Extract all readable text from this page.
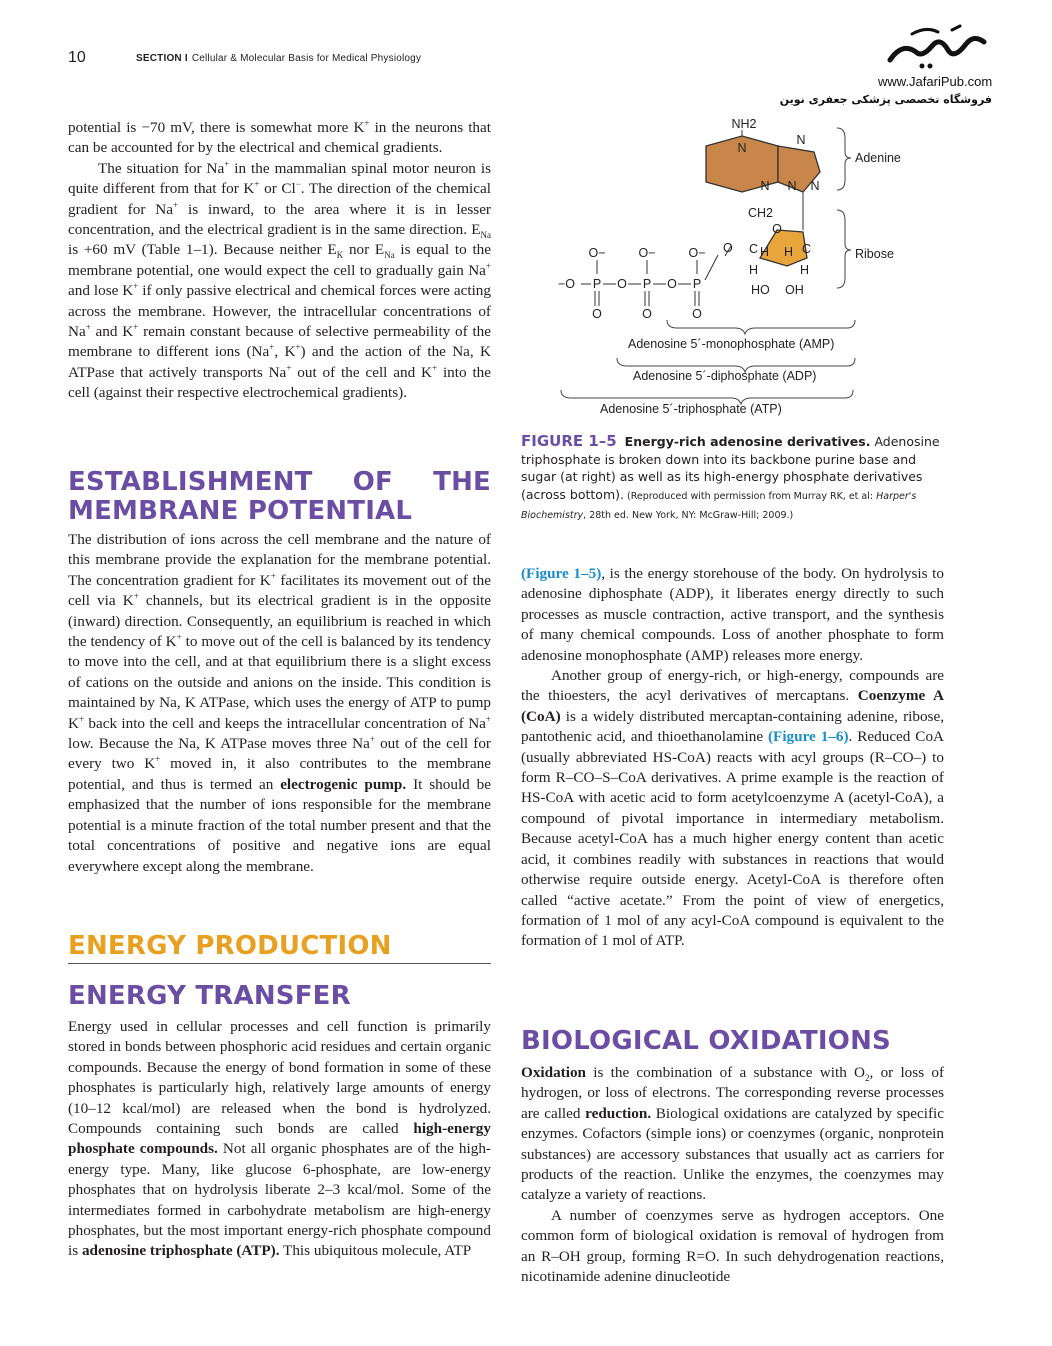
10	SECTION I Cellular & Molecular Basis for Medical Physiology
www.JafariPub.com
فروشگاه تخصصی پزشکی جعفری نوین

potential is −70 mV, there is somewhat more K+ in the neurons that can be accounted for by the electrical and chemical gradients.

The situation for Na+ in the mammalian spinal motor neuron is quite different from that for K+ or Cl−. The direction of the chemical gradient for Na+ is inward, to the area where it is in lesser concentration, and the electrical gradient is in the same direction. $E_{Na}$ is +60 mV (Table 1–1). Because neither $E_K$ nor $E_{Na}$ is equal to the membrane potential, one would expect the cell to gradually gain Na+ and lose K+ if only passive electrical and chemical forces were acting across the membrane. However, the intracellular concentrations of Na+ and K+ remain constant because of selective permeability of the membrane to different ions (Na+, K+) and the action of the Na, K ATPase that actively transports Na+ out of the cell and K+ into the cell (against their respective electrochemical gradients).

ESTABLISHMENT OF THE MEMBRANE POTENTIAL

The distribution of ions across the cell membrane and the nature of this membrane provide the explanation for the membrane potential. The concentration gradient for K+ facilitates its movement out of the cell via K+ channels, but its electrical gradient is in the opposite (inward) direction. Consequently, an equilibrium is reached in which the tendency of K+ to move out of the cell is balanced by its tendency to move into the cell, and at that equilibrium there is a slight excess of cations on the outside and anions on the inside. This condition is maintained by Na, K ATPase, which uses the energy of ATP to pump K+ back into the cell and keeps the intracellular concentration of Na+ low. Because the Na, K ATPase moves three Na+ out of the cell for every two K+ moved in, it also contributes to the membrane potential, and thus is termed an electrogenic pump. It should be emphasized that the number of ions responsible for the membrane potential is a minute fraction of the total number present and that the total concentrations of positive and negative ions are equal everywhere except along the membrane.

ENERGY PRODUCTION
ENERGY TRANSFER

Energy used in cellular processes and cell function is primarily stored in bonds between phosphoric acid residues and certain organic compounds. Because the energy of bond formation in some of these phosphates is particularly high, relatively large amounts of energy (10–12 kcal/mol) are released when the bond is hydrolyzed. Compounds containing such bonds are called high-energy phosphate compounds. Not all organic phosphates are of the high-energy type. Many, like glucose 6-phosphate, are low-energy phosphates that on hydrolysis liberate 2–3 kcal/mol. Some of the intermediates formed in carbohydrate metabolism are high-energy phosphates, but the most important energy-rich phosphate compound is adenosine triphosphate (ATP). This ubiquitous molecule, ATP

NH2
N
N
N
N
N
Adenine
CH2
O
C	C
H H
H	H
HO OH
Ribose
O
−O P	P	P
O	O
O−	O−	O−
O	O	O
Adenosine 5´-monophosphate (AMP)
Adenosine 5´-diphosphate (ADP)
Adenosine 5´-triphosphate (ATP)
FIGURE 1–5 Energy-rich adenosine derivatives. Adenosine triphosphate is broken down into its backbone purine base and sugar (at right) as well as its high-energy phosphate derivatives (across bottom). (Reproduced with permission from Murray RK, et al: Harper's Biochemistry, 28th ed. New York, NY: McGraw-Hill; 2009.)

(Figure 1–5), is the energy storehouse of the body. On hydrolysis to adenosine diphosphate (ADP), it liberates energy directly to such processes as muscle contraction, active transport, and the synthesis of many chemical compounds. Loss of another phosphate to form adenosine monophosphate (AMP) releases more energy.

Another group of energy-rich, or high-energy, compounds are the thioesters, the acyl derivatives of mercaptans. Coenzyme A (CoA) is a widely distributed mercaptan-containing adenine, ribose, pantothenic acid, and thioethanolamine (Figure 1–6). Reduced CoA (usually abbreviated HS-CoA) reacts with acyl groups (R–CO–) to form R–CO–S–CoA derivatives. A prime example is the reaction of HS-CoA with acetic acid to form acetylcoenzyme A (acetyl-CoA), a compound of pivotal importance in intermediary metabolism. Because acetyl-CoA has a much higher energy content than acetic acid, it combines readily with substances in reactions that would otherwise require outside energy. Acetyl-CoA is therefore often called “active acetate.” From the point of view of energetics, formation of 1 mol of any acyl-CoA compound is equivalent to the formation of 1 mol of ATP.

BIOLOGICAL OXIDATIONS

Oxidation is the combination of a substance with $O_2$, or loss of hydrogen, or loss of electrons. The corresponding reverse processes are called reduction. Biological oxidations are catalyzed by specific enzymes. Cofactors (simple ions) or coenzymes (organic, nonprotein substances) are accessory substances that usually act as carriers for products of the reaction. Unlike the enzymes, the coenzymes may catalyze a variety of reactions.

A number of coenzymes serve as hydrogen acceptors. One common form of biological oxidation is removal of hydrogen from an R–OH group, forming R=O. In such dehydrogenation reactions, nicotinamide adenine dinucleotide
